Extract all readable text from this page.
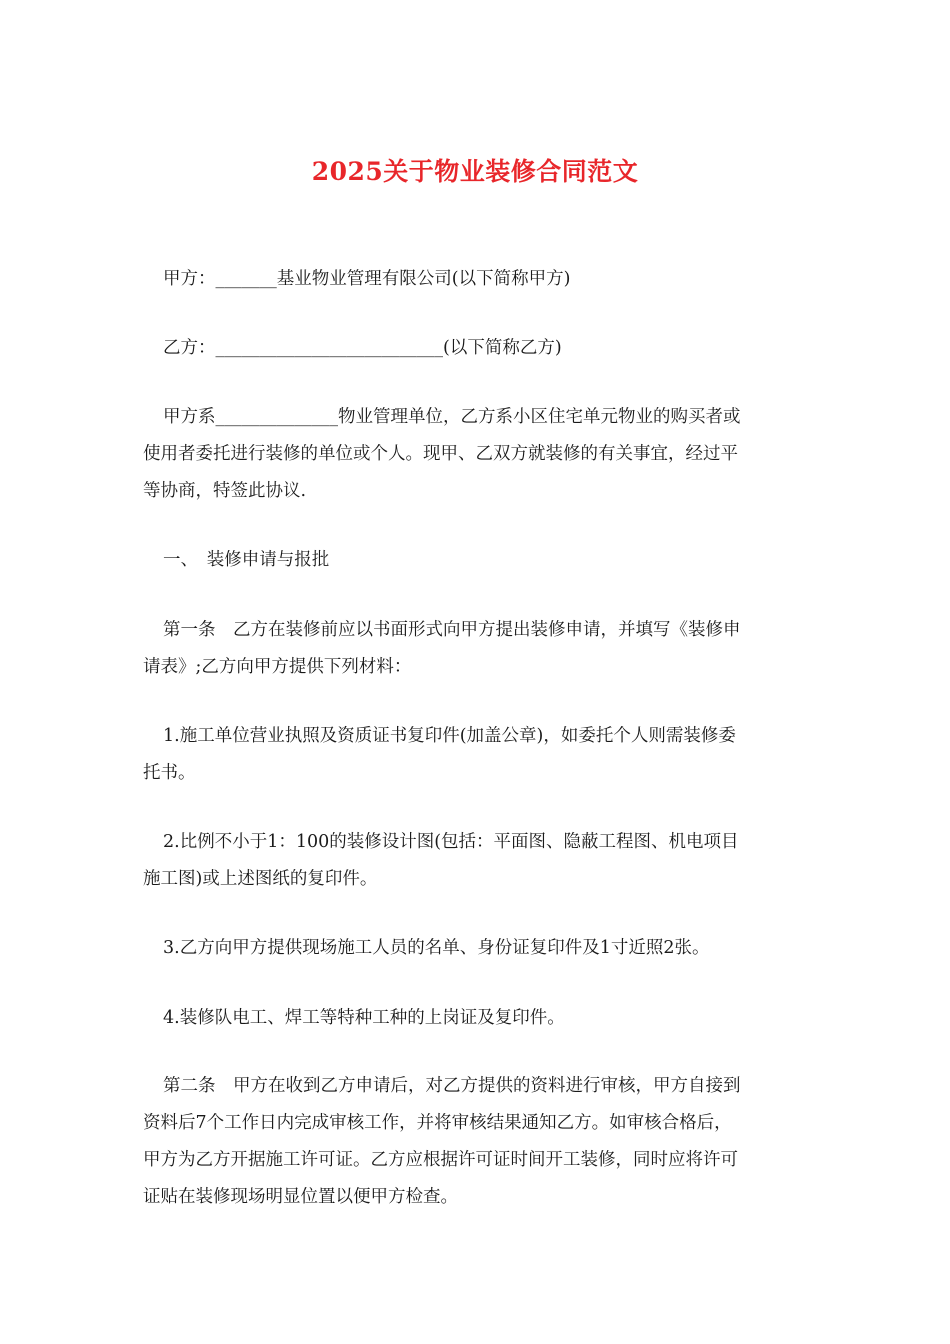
2025关于物业装修合同范文

甲方：_______基业物业管理有限公司(以下简称甲方)

乙方：__________________________(以下简称乙方)

甲方系______________物业管理单位，乙方系小区住宅单元物业的购买者或
使用者委托进行装修的单位或个人。现甲、乙双方就装修的有关事宜，经过平
等协商，特签此协议.

一、　装修申请与报批

第一条　乙方在装修前应以书面形式向甲方提出装修申请，并填写《装修申
请表》;乙方向甲方提供下列材料：

1.施工单位营业执照及资质证书复印件(加盖公章)，如委托个人则需装修委
托书。

2.比例不小于1：100的装修设计图(包括：平面图、隐蔽工程图、机电项目
施工图)或上述图纸的复印件。

3.乙方向甲方提供现场施工人员的名单、身份证复印件及1寸近照2张。

4.装修队电工、焊工等特种工种的上岗证及复印件。

第二条　甲方在收到乙方申请后，对乙方提供的资料进行审核，甲方自接到
资料后7个工作日内完成审核工作，并将审核结果通知乙方。如审核合格后，
甲方为乙方开据施工许可证。乙方应根据许可证时间开工装修，同时应将许可
证贴在装修现场明显位置以便甲方检查。
